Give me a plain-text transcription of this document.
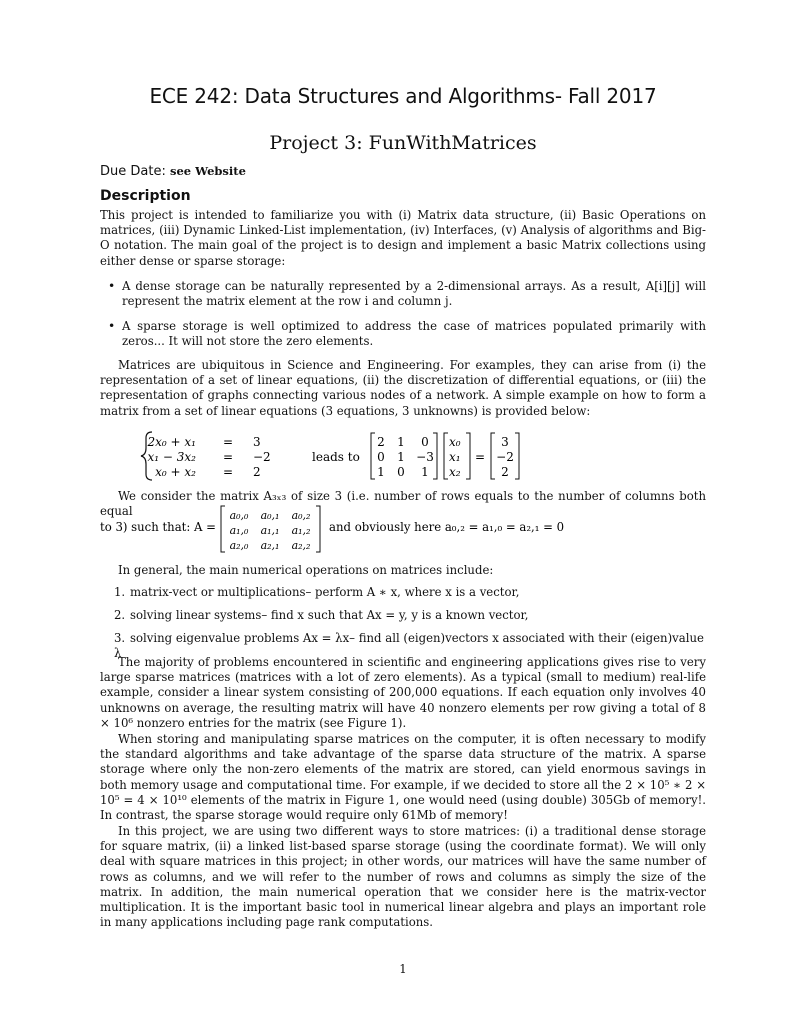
ECE 242: Data Structures and Algorithms- Fall 2017
Project 3: FunWithMatrices
Due Date: see Website
Description

This project is intended to familiarize you with (i) Matrix data structure, (ii) Basic Operations on matrices, (iii) Dynamic Linked-List implementation, (iv) Interfaces, (v) Analysis of algorithms and Big-O notation. The main goal of the project is to design and implement a basic Matrix collections using either dense or sparse storage:

• A dense storage can be naturally represented by a 2-dimensional arrays. As a result, A[i][j] will represent the matrix element at the row i and column j.

• A sparse storage is well optimized to address the case of matrices populated primarily with zeros... It will not store the zero elements.

Matrices are ubiquitous in Science and Engineering. For examples, they can arise from (i) the representation of a set of linear equations, (ii) the discretization of differential equations, or (iii) the representation of graphs connecting various nodes of a network. A simple example on how to form a matrix from a set of linear equations (3 equations, 3 unknowns) is provided below:

2x₀ + x₁
x₁ − 3x₂
x₀ + x₂
=
=
=
3
−2
2
leads to
2 1 0
0 1 −3
1 0 1
x₀
x₁
x₂
=
3
−2
2

We consider the matrix A₃ₓ₃ of size 3 (i.e. number of rows equals to the number of columns both equal

to 3) such that: A =
a₀,₀ a₀,₁ a₀,₂
a₁,₀ a₁,₁ a₁,₂
a₂,₀ a₂,₁ a₂,₂
and obviously here a₀,₂ = a₁,₀ = a₂,₁ = 0

In general, the main numerical operations on matrices include:

1. matrix-vect or multiplications– perform A ∗ x, where x is a vector,
2. solving linear systems– find x such that Ax = y, y is a known vector,
3. solving eigenvalue problems Ax = λx– find all (eigen)vectors x associated with their (eigen)value λ

The majority of problems encountered in scientific and engineering applications gives rise to very large sparse matrices (matrices with a lot of zero elements). As a typical (small to medium) real-life example, consider a linear system consisting of 200,000 equations. If each equation only involves 40 unknowns on average, the resulting matrix will have 40 nonzero elements per row giving a total of 8 × 10⁶ nonzero entries for the matrix (see Figure 1).

When storing and manipulating sparse matrices on the computer, it is often necessary to modify the standard algorithms and take advantage of the sparse data structure of the matrix. A sparse storage where only the non-zero elements of the matrix are stored, can yield enormous savings in both memory usage and computational time. For example, if we decided to store all the 2 × 10⁵ ∗ 2 × 10⁵ = 4 × 10¹⁰ elements of the matrix in Figure 1, one would need (using double) 305Gb of memory!. In contrast, the sparse storage would require only 61Mb of memory!

In this project, we are using two different ways to store matrices: (i) a traditional dense storage for square matrix, (ii) a linked list-based sparse storage (using the coordinate format). We will only deal with square matrices in this project; in other words, our matrices will have the same number of rows as columns, and we will refer to the number of rows and columns as simply the size of the matrix. In addition, the main numerical operation that we consider here is the matrix-vector multiplication. It is the important basic tool in numerical linear algebra and plays an important role in many applications including page rank computations.

1
